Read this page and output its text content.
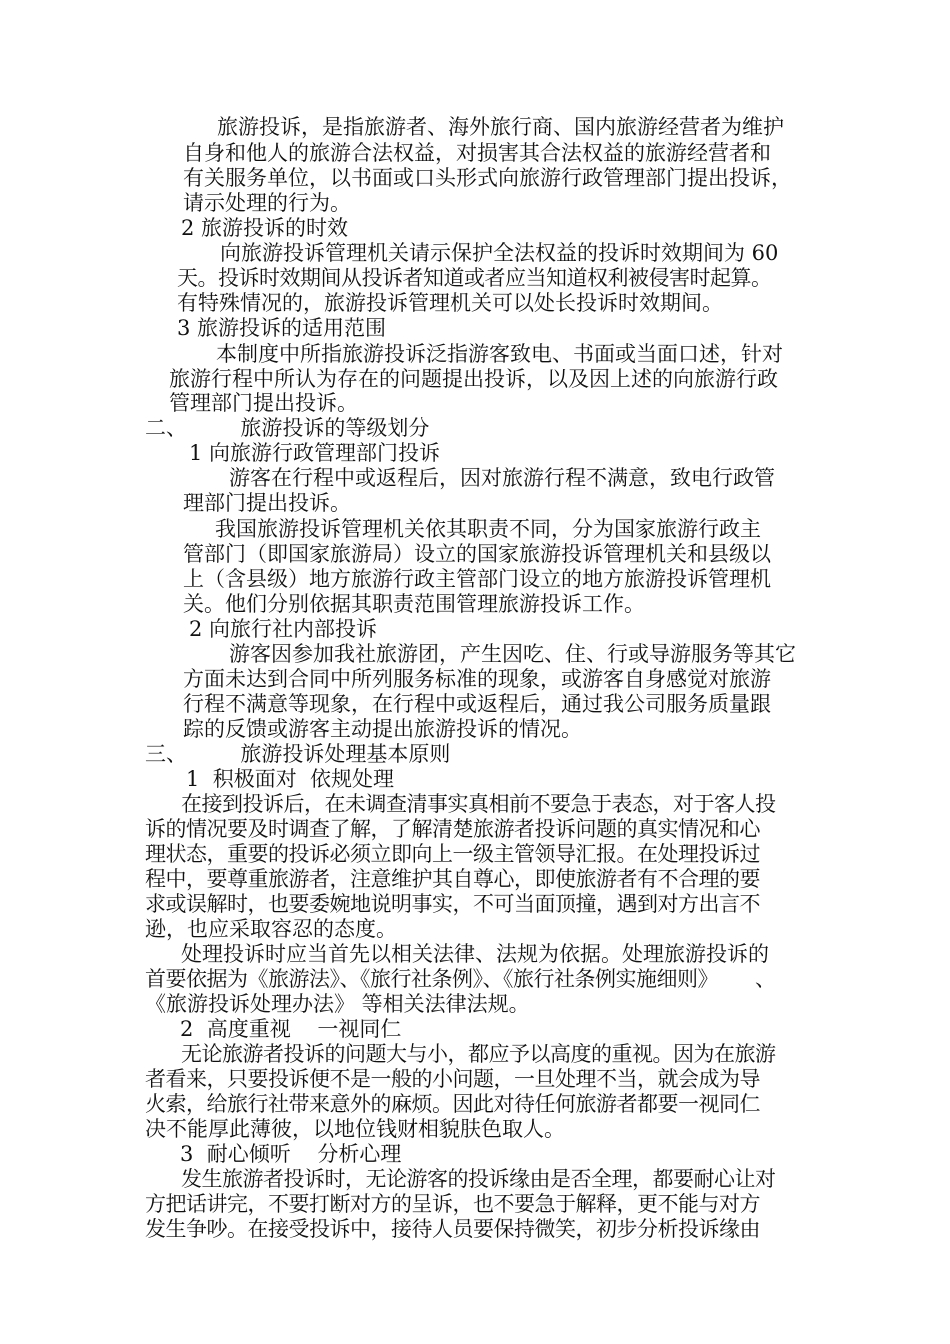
旅游投诉，是指旅游者、海外旅行商、国内旅游经营者为维护
自身和他人的旅游合法权益，对损害其合法权益的旅游经营者和
有关服务单位，以书面或口头形式向旅游行政管理部门提出投诉，
请示处理的行为。
2 旅游投诉的时效
向旅游投诉管理机关请示保护全法权益的投诉时效期间为 60
天。投诉时效期间从投诉者知道或者应当知道权利被侵害时起算。
有特殊情况的，旅游投诉管理机关可以处长投诉时效期间。
3 旅游投诉的适用范围
本制度中所指旅游投诉泛指游客致电、书面或当面口述，针对
旅游行程中所认为存在的问题提出投诉，以及因上述的向旅游行政
管理部门提出投诉。
二、        旅游投诉的等级划分
1 向旅游行政管理部门投诉
游客在行程中或返程后，因对旅游行程不满意，致电行政管
理部门提出投诉。
我国旅游投诉管理机关依其职责不同，分为国家旅游行政主
管部门（即国家旅游局）设立的国家旅游投诉管理机关和县级以
上（含县级）地方旅游行政主管部门设立的地方旅游投诉管理机
关。他们分别依据其职责范围管理旅游投诉工作。
2 向旅行社内部投诉
游客因参加我社旅游团，产生因吃、住、行或导游服务等其它
方面未达到合同中所列服务标准的现象，或游客自身感觉对旅游
行程不满意等现象，在行程中或返程后，通过我公司服务质量跟
踪的反馈或游客主动提出旅游投诉的情况。
三、        旅游投诉处理基本原则
1  积极面对  依规处理
在接到投诉后，在未调查清事实真相前不要急于表态，对于客人投
诉的情况要及时调查了解，了解清楚旅游者投诉问题的真实情况和心
理状态，重要的投诉必须立即向上一级主管领导汇报。在处理投诉过
程中，要尊重旅游者，注意维护其自尊心，即使旅游者有不合理的要
求或误解时，也要委婉地说明事实，不可当面顶撞，遇到对方出言不
逊，也应采取容忍的态度。
处理投诉时应当首先以相关法律、法规为依据。处理旅游投诉的
首要依据为《旅游法》、《旅行社条例》、《旅行社条例实施细则》      、
《旅游投诉处理办法》 等相关法律法规。
2  高度重视    一视同仁
无论旅游者投诉的问题大与小，都应予以高度的重视。因为在旅游
者看来，只要投诉便不是一般的小问题，一旦处理不当，就会成为导
火索，给旅行社带来意外的麻烦。因此对待任何旅游者都要一视同仁
决不能厚此薄彼，以地位钱财相貌肤色取人。
3  耐心倾听    分析心理
发生旅游者投诉时，无论游客的投诉缘由是否全理，都要耐心让对
方把话讲完，不要打断对方的呈诉，也不要急于解释，更不能与对方
发生争吵。在接受投诉中，接待人员要保持微笑，初步分析投诉缘由
